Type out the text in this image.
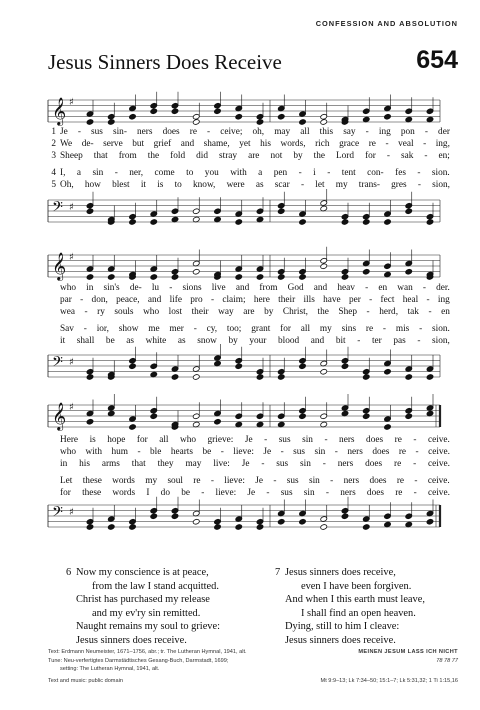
CONFESSION AND ABSOLUTION
Jesus Sinners Does Receive	654
𝄞 ♯
1 Je - sus sin- ners does re - ceive; oh, may all this say - ing pon - der
2 We de- serve but grief and shame, yet his words, rich grace re - veal - ing,
3 Sheep that from the fold did stray are not by the Lord for - sak - en;
4 I, a sin - ner, come to you with a pen - i - tent con- fes - sion.
5 Oh, how blest it is to know, were as scar - let my trans- gres - sion,
𝄢 ♯
𝄞 ♯
who in sin's de- lu - sions live and from God and heav - en wan - der.
par - don, peace, and life pro - claim; here their ills have per - fect heal - ing
wea - ry souls who lost their way are by Christ, the Shep - herd, tak - en
Sav - ior, show me mer - cy, too; grant for all my sins re - mis - sion.
it shall be as white as snow by your blood and bit - ter pas - sion,
𝄢 ♯
𝄞 ♯
Here is hope for all who grieve: Je - sus sin - ners does re - ceive.
who with hum - ble hearts be - lieve: Je - sus sin - ners does re - ceive.
in his arms that they may live: Je - sus sin - ners does re - ceive.
Let these words my soul re - lieve: Je - sus sin - ners does re - ceive.
for these words I do be - lieve: Je - sus sin - ners does re - ceive.
𝄢 ♯
6 Now my conscience is at peace,
from the law I stand acquitted.
Christ has purchased my release
and my ev'ry sin remitted.
Naught remains my soul to grieve:
Jesus sinners does receive.
7 Jesus sinners does receive,
even I have been forgiven.
And when I this earth must leave,
I shall find an open heaven.
Dying, still to him I cleave:
Jesus sinners does receive.
Text: Erdmann Neumeister, 1671–1756, abr.; tr. The Lutheran Hymnal, 1941, alt.
Tune: Neu-verfertigtes Darmstädtisches Gesang-Buch, Darmstadt, 1699;
setting: The Lutheran Hymnal, 1941, alt.
MEINEN JESUM LASS ICH NICHT
78 78 77
Text and music: public domain	Mt 9:9–13; Lk 7:34–50; 15:1–7; Lk 5:31,32; 1 Ti 1:15,16
